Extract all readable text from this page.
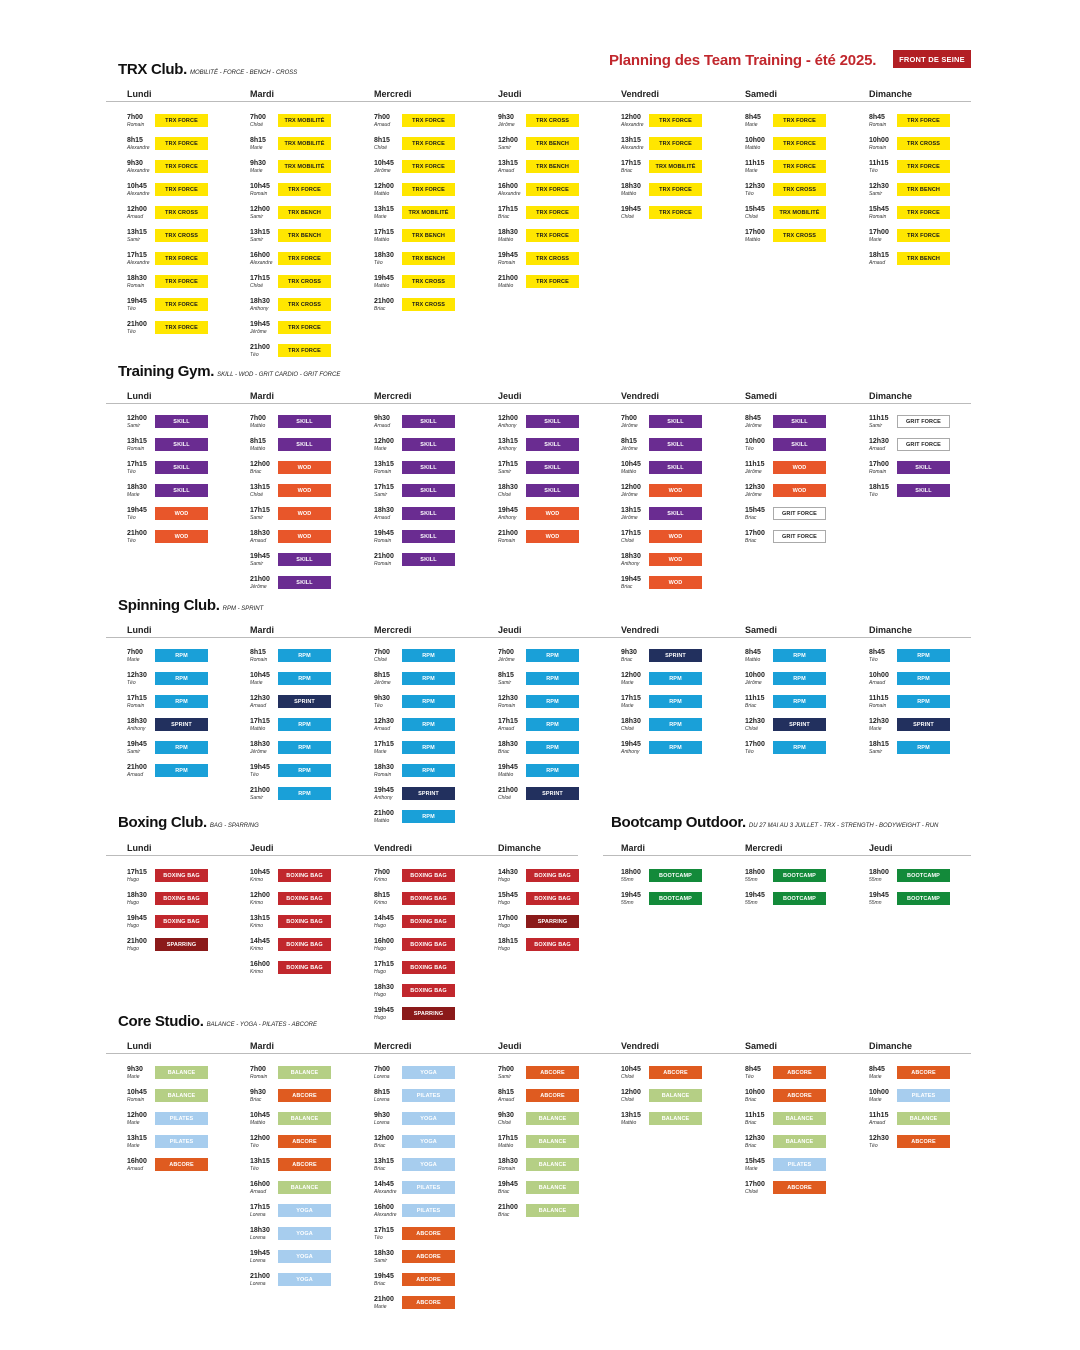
Planning des Team Training - été 2025.	FRONT DE SEINE
TRX Club. MOBILITÉ - FORCE - BENCH - CROSS
Lundi
7h00
Romain
TRX FORCE
8h15
Alexandre
TRX FORCE
9h30
Alexandre
TRX FORCE
10h45
Alexandre
TRX FORCE
12h00
Arnaud
TRX CROSS
13h15
Samir
TRX CROSS
17h15
Alexandre
TRX FORCE
18h30
Romain
TRX FORCE
19h45
Téo
TRX FORCE
21h00
Téo
TRX FORCE
Mardi
7h00
Chloé
TRX MOBILITÉ
8h15
Marie
TRX MOBILITÉ
9h30
Marie
TRX MOBILITÉ
10h45
Romain
TRX FORCE
12h00
Samir
TRX BENCH
13h15
Samir
TRX BENCH
16h00
Alexandre
TRX FORCE
17h15
Chloé
TRX CROSS
18h30
Anthony
TRX CROSS
19h45
Jérôme
TRX FORCE
21h00
Téo
TRX FORCE
Mercredi
7h00
Arnaud
TRX FORCE
8h15
Chloé
TRX FORCE
10h45
Jérôme
TRX FORCE
12h00
Mattéo
TRX FORCE
13h15
Marie
TRX MOBILITÉ
17h15
Mattéo
TRX BENCH
18h30
Téo
TRX BENCH
19h45
Mattéo
TRX CROSS
21h00
Briac
TRX CROSS
Jeudi
9h30
Jérôme
TRX CROSS
12h00
Samir
TRX BENCH
13h15
Arnaud
TRX BENCH
16h00
Alexandre
TRX FORCE
17h15
Briac
TRX FORCE
18h30
Mattéo
TRX FORCE
19h45
Romain
TRX CROSS
21h00
Mattéo
TRX FORCE
Vendredi
12h00
Alexandre
TRX FORCE
13h15
Alexandre
TRX FORCE
17h15
Briac
TRX MOBILITÉ
18h30
Mattéo
TRX FORCE
19h45
Chloé
TRX FORCE
Samedi
8h45
Marie
TRX FORCE
10h00
Mattéo
TRX FORCE
11h15
Marie
TRX FORCE
12h30
Téo
TRX CROSS
15h45
Chloé
TRX MOBILITÉ
17h00
Mattéo
TRX CROSS
Dimanche
8h45
Romain
TRX FORCE
10h00
Romain
TRX CROSS
11h15
Téo
TRX FORCE
12h30
Samir
TRX BENCH
15h45
Romain
TRX FORCE
17h00
Marie
TRX FORCE
18h15
Arnaud
TRX BENCH
Training Gym. SKILL - WOD - GRIT CARDIO - GRIT FORCE
Lundi
12h00
Samir
SKILL
13h15
Romain
SKILL
17h15
Téo
SKILL
18h30
Marie
SKILL
19h45
Téo
WOD
21h00
Téo
WOD
Mardi
7h00
Mattéo
SKILL
8h15
Mattéo
SKILL
12h00
Briac
WOD
13h15
Chloé
WOD
17h15
Samir
WOD
18h30
Arnaud
WOD
19h45
Samir
SKILL
21h00
Jérôme
SKILL
Mercredi
9h30
Arnaud
SKILL
12h00
Marie
SKILL
13h15
Romain
SKILL
17h15
Samir
SKILL
18h30
Arnaud
SKILL
19h45
Romain
SKILL
21h00
Romain
SKILL
Jeudi
12h00
Anthony
SKILL
13h15
Anthony
SKILL
17h15
Samir
SKILL
18h30
Chloé
SKILL
19h45
Anthony
WOD
21h00
Romain
WOD
Vendredi
7h00
Jérôme
SKILL
8h15
Jérôme
SKILL
10h45
Mattéo
SKILL
12h00
Jérôme
WOD
13h15
Jérôme
SKILL
17h15
Chloé
WOD
18h30
Anthony
WOD
19h45
Briac
WOD
Samedi
8h45
Jérôme
SKILL
10h00
Téo
SKILL
11h15
Jérôme
WOD
12h30
Jérôme
WOD
15h45
Briac
GRIT FORCE
17h00
Briac
GRIT FORCE
Dimanche
11h15
Samir
GRIT FORCE
12h30
Arnaud
GRIT FORCE
17h00
Romain
SKILL
18h15
Téo
SKILL
Spinning Club. RPM - SPRINT
Lundi
7h00
Marie
RPM
12h30
Téo
RPM
17h15
Romain
RPM
18h30
Anthony
SPRINT
19h45
Samir
RPM
21h00
Arnaud
RPM
Mardi
8h15
Romain
RPM
10h45
Marie
RPM
12h30
Arnaud
SPRINT
17h15
Mattéo
RPM
18h30
Jérôme
RPM
19h45
Téo
RPM
21h00
Samir
RPM
Mercredi
7h00
Chloé
RPM
8h15
Jérôme
RPM
9h30
Téo
RPM
12h30
Arnaud
RPM
17h15
Marie
RPM
18h30
Romain
RPM
19h45
Anthony
SPRINT
21h00
Mattéo
RPM
Jeudi
7h00
Jérôme
RPM
8h15
Samir
RPM
12h30
Romain
RPM
17h15
Arnaud
RPM
18h30
Briac
RPM
19h45
Mattéo
RPM
21h00
Chloé
SPRINT
Vendredi
9h30
Briac
SPRINT
12h00
Marie
RPM
17h15
Marie
RPM
18h30
Chloé
RPM
19h45
Anthony
RPM
Samedi
8h45
Mattéo
RPM
10h00
Jérôme
RPM
11h15
Briac
RPM
12h30
Chloé
SPRINT
17h00
Téo
RPM
Dimanche
8h45
Téo
RPM
10h00
Arnaud
RPM
11h15
Romain
RPM
12h30
Marie
SPRINT
18h15
Samir
RPM
Boxing Club. BAG - SPARRING
Lundi
17h15
Hugo
BOXING BAG
18h30
Hugo
BOXING BAG
19h45
Hugo
BOXING BAG
21h00
Hugo
SPARRING
Jeudi
10h45
Krimo
BOXING BAG
12h00
Krimo
BOXING BAG
13h15
Krimo
BOXING BAG
14h45
Krimo
BOXING BAG
16h00
Krimo
BOXING BAG
Vendredi
7h00
Krimo
BOXING BAG
8h15
Krimo
BOXING BAG
14h45
Hugo
BOXING BAG
16h00
Hugo
BOXING BAG
17h15
Hugo
BOXING BAG
18h30
Hugo
BOXING BAG
19h45
Hugo
SPARRING
Dimanche
14h30
Hugo
BOXING BAG
15h45
Hugo
BOXING BAG
17h00
Hugo
SPARRING
18h15
Hugo
BOXING BAG
Bootcamp Outdoor. DU 27 MAI AU 3 JUILLET - TRX - STRENGTH - BODYWEIGHT - RUN
Mardi
18h00
55mn
BOOTCAMP
19h45
55mn
BOOTCAMP
Mercredi
18h00
55mn
BOOTCAMP
19h45
55mn
BOOTCAMP
Jeudi
18h00
55mn
BOOTCAMP
19h45
55mn
BOOTCAMP
Core Studio. BALANCE - YOGA - PILATES - ABCORE
Lundi
9h30
Marie
BALANCE
10h45
Romain
BALANCE
12h00
Marie
PILATES
13h15
Marie
PILATES
16h00
Arnaud
ABCORE
Mardi
7h00
Romain
BALANCE
9h30
Briac
ABCORE
10h45
Mattéo
BALANCE
12h00
Téo
ABCORE
13h15
Téo
ABCORE
16h00
Arnaud
BALANCE
17h15
Lorena
YOGA
18h30
Lorena
YOGA
19h45
Lorena
YOGA
21h00
Lorena
YOGA
Mercredi
7h00
Lorena
YOGA
8h15
Lorena
PILATES
9h30
Lorena
YOGA
12h00
Briac
YOGA
13h15
Briac
YOGA
14h45
Alexandre
PILATES
16h00
Alexandre
PILATES
17h15
Téo
ABCORE
18h30
Samir
ABCORE
19h45
Briac
ABCORE
21h00
Marie
ABCORE
Jeudi
7h00
Samir
ABCORE
8h15
Arnaud
ABCORE
9h30
Chloé
BALANCE
17h15
Mattéo
BALANCE
18h30
Romain
BALANCE
19h45
Briac
BALANCE
21h00
Briac
BALANCE
Vendredi
10h45
Chloé
ABCORE
12h00
Chloé
BALANCE
13h15
Mattéo
BALANCE
Samedi
8h45
Téo
ABCORE
10h00
Briac
ABCORE
11h15
Briac
BALANCE
12h30
Briac
BALANCE
15h45
Marie
PILATES
17h00
Chloé
ABCORE
Dimanche
8h45
Marie
ABCORE
10h00
Marie
PILATES
11h15
Arnaud
BALANCE
12h30
Téo
ABCORE
